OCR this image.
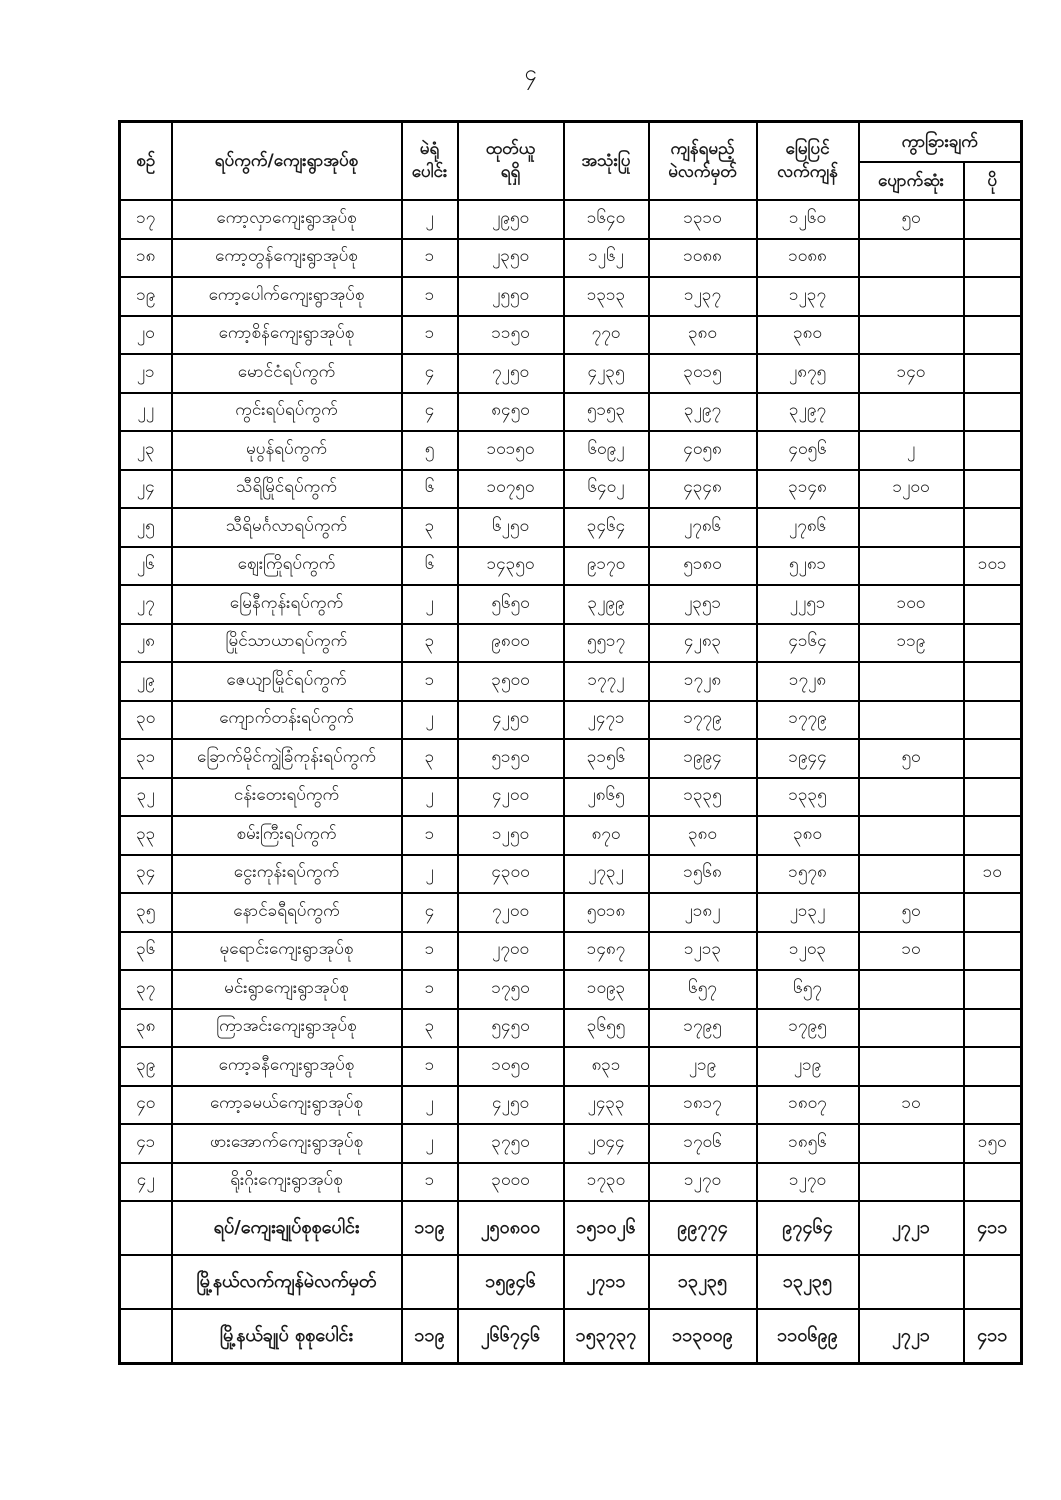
၄
စဉ်	ရပ်ကွက်/ကျေးရွာအုပ်စု	မဲရုံ
ပေါင်း	ထုတ်ယူ
ရရှိ	အသုံးပြု	ကျန်ရမည့်
မဲလက်မှတ်	မြေပြင်
လက်ကျန်	ကွာခြားချက်	
							ပျောက်ဆုံး	ပို
၁၇	ကော့လှာကျေးရွာအုပ်စု	၂	၂၉၅၀	၁၆၄၀	၁၃၁၀	၁၂၆၀	၅၀	
၁၈	ကော့တွန်ကျေးရွာအုပ်စု	၁	၂၃၅၀	၁၂၆၂	၁၀၈၈	၁၀၈၈		
၁၉	ကော့ပေါက်ကျေးရွာအုပ်စု	၁	၂၅၅၀	၁၃၁၃	၁၂၃၇	၁၂၃၇		
၂၀	ကော့စိန်ကျေးရွာအုပ်စု	၁	၁၁၅၀	၇၇၀	၃၈၀	၃၈၀		
၂၁	မောင်ငံရပ်ကွက်	၄	၇၂၅၀	၄၂၃၅	၃၀၁၅	၂၈၇၅	၁၄၀	
၂၂	ကွင်းရပ်ရပ်ကွက်	၄	၈၄၅၀	၅၁၅၃	၃၂၉၇	၃၂၉၇		
၂၃	မုပွန်ရပ်ကွက်	၅	၁၀၁၅၀	၆၀၉၂	၄၀၅၈	၄၀၅၆	၂	
၂၄	သီရိမြိုင်ရပ်ကွက်	၆	၁၀၇၅၀	၆၄၀၂	၄၃၄၈	၃၁၄၈	၁၂၀၀	
၂၅	သီရိမင်္ဂလာရပ်ကွက်	၃	၆၂၅၀	၃၄၆၄	၂၇၈၆	၂၇၈၆		
၂၆	ဈေးကြိုရပ်ကွက်	၆	၁၄၃၅၀	၉၁၇၀	၅၁၈၀	၅၂၈၁		၁၀၁
၂၇	မြေနီကုန်းရပ်ကွက်	၂	၅၆၅၀	၃၂၉၉	၂၃၅၁	၂၂၅၁	၁၀၀	
၂၈	မြိုင်သာယာရပ်ကွက်	၃	၉၈၀၀	၅၅၁၇	၄၂၈၃	၄၁၆၄	၁၁၉	
၂၉	ဇေယျာမြိုင်ရပ်ကွက်	၁	၃၅၀၀	၁၇၇၂	၁၇၂၈	၁၇၂၈		
၃၀	ကျောက်တန်းရပ်ကွက်	၂	၄၂၅၀	၂၄၇၁	၁၇၇၉	၁၇၇၉		
၃၁	ခြောက်မိုင်ကျွဲခြံကုန်းရပ်ကွက်	၃	၅၁၅၀	၃၁၅၆	၁၉၉၄	၁၉၄၄	၅၀	
၃၂	ငန်းတေးရပ်ကွက်	၂	၄၂၀၀	၂၈၆၅	၁၃၃၅	၁၃၃၅		
၃၃	စမ်းကြီးရပ်ကွက်	၁	၁၂၅၀	၈၇၀	၃၈၀	၃၈၀		
၃၄	ငွေးကုန်းရပ်ကွက်	၂	၄၃၀၀	၂၇၃၂	၁၅၆၈	၁၅၇၈		၁၀
၃၅	နောင်ခရီရပ်ကွက်	၄	၇၂၀၀	၅၀၁၈	၂၁၈၂	၂၁၃၂	၅၀	
၃၆	မုရောင်းကျေးရွာအုပ်စု	၁	၂၇၀၀	၁၄၈၇	၁၂၁၃	၁၂၀၃	၁၀	
၃၇	မင်းရွာကျေးရွာအုပ်စု	၁	၁၇၅၀	၁၀၉၃	၆၅၇	၆၅၇		
၃၈	ကြာအင်းကျေးရွာအုပ်စု	၃	၅၄၅၀	၃၆၅၅	၁၇၉၅	၁၇၉၅		
၃၉	ကော့ခနီကျေးရွာအုပ်စု	၁	၁၀၅၀	၈၃၁	၂၁၉	၂၁၉		
၄၀	ကော့ခမယ်ကျေးရွာအုပ်စု	၂	၄၂၅၀	၂၄၃၃	၁၈၁၇	၁၈၀၇	၁၀	
၄၁	ဖားအောက်ကျေးရွာအုပ်စု	၂	၃၇၅၀	၂၀၄၄	၁၇၀၆	၁၈၅၆		၁၅၀
၄၂	ရိုးဂိုးကျေးရွာအုပ်စု	၁	၃၀၀၀	၁၇၃၀	၁၂၇၀	၁၂၇၀		
	ရပ်/ကျေးချုပ်စုစုပေါင်း	၁၁၉	၂၅၀၈၀၀	၁၅၁၀၂၆	၉၉၇၇၄	၉၇၄၆၄	၂၇၂၁	၄၁၁
	မြို့နယ်လက်ကျန်မဲလက်မှတ်		၁၅၉၄၆	၂၇၁၁	၁၃၂၃၅	၁၃၂၃၅		
	မြို့နယ်ချုပ် စုစုပေါင်း	၁၁၉	၂၆၆၇၄၆	၁၅၃၇၃၇	၁၁၃၀၀၉	၁၁၀၆၉၉	၂၇၂၁	၄၁၁
